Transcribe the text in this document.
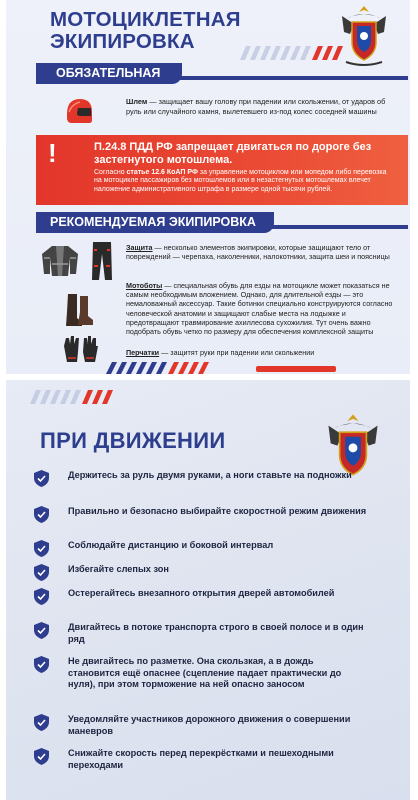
МОТОЦИКЛЕТНАЯ
ЭКИПИРОВКА
ОБЯЗАТЕЛЬНАЯ
Шлем — защищает вашу голову при падении или скольжении, от ударов об руль или случайного камня, вылетевшего из-под колес соседней машины
!	П.24.8 ПДД РФ запрещает двигаться по дороге без застегнутого мотошлема.
Согласно статье 12.6 КоАП РФ за управление мотоциклом или мопедом либо перевозка на мотоцикле пассажиров без мотошлемов или в незастегнутых мотошлемах влечет наложение административного штрафа в размере одной тысячи рублей.
РЕКОМЕНДУЕМАЯ ЭКИПИРОВКА
Защита — несколько элементов экипировки, которые защищают тело от повреждений — черепаха, наколенники, налокотники, защита шеи и поясницы
Мотоботы — специальная обувь для езды на мотоцикле может показаться не самым необходимым вложением. Однако, для длительной езды — это немаловажный аксессуар. Такие ботинки специально конструируются согласно человеческой анатомии и защищают слабые места на лодыжке и предотвращают травмирование ахиллесова сухожилия. Тут очень важно подобрать обувь четко по размеру для обеспечения комплексной защиты
Перчатки — защитят руки при падении или скольжении
ПРИ ДВИЖЕНИИ
Держитесь за руль двумя руками, а ноги ставьте на подножки
Правильно и безопасно выбирайте скоростной режим движения
Соблюдайте дистанцию и боковой интервал
Избегайте слепых зон
Остерегайтесь внезапного открытия дверей автомобилей
Двигайтесь в потоке транспорта строго в своей полосе и в один ряд
Не двигайтесь по разметке. Она скользкая, а в дождь становится ещё опаснее (сцепление падает практически до нуля), при этом торможение на ней опасно заносом
Уведомляйте участников дорожного движения о совершении маневров
Снижайте скорость перед перекрёстками и пешеходными переходами
